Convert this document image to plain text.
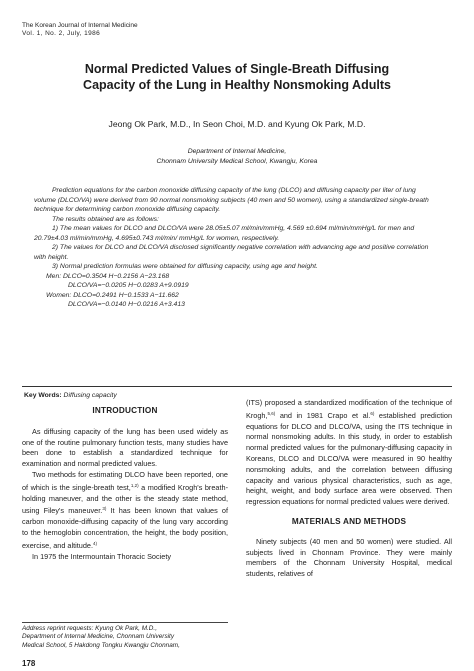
The Korean Journal of Internal Medicine
Vol. 1, No. 2, July, 1986
Normal Predicted Values of Single-Breath Diffusing
Capacity of the Lung in Healthy Nonsmoking Adults
Jeong Ok Park, M.D., In Seon Choi, M.D. and Kyung Ok Park, M.D.
Department of Internal Medicine,
Chonnam University Medical School, Kwangju, Korea

Prediction equations for the carbon monoxide diffusing capacity of the lung (DLCO) and diffusing capacity per liter of lung volume (DLCO/VA) were derived from 90 normal nonsmoking subjects (40 men and 50 women), using a standardized single-breath technique for determining carbon monoxide diffusing capacity.

The results obtained are as follows:

1) The mean values for DLCO and DLCO/VA were 28.05±5.07 ml/min/mmHg, 4.569 ±0.694 ml/min/mmHg/L for men and 20.79±4.03 ml/min/mmHg, 4.695±0.743 ml/min/ mmHg/L for women, respectively.

2) The values for DLCO and DLCO/VA disclosed significantly negative correlation with advancing age and positive correlation with height.

3) Normal prediction formulas were obtained for diffusing capacity, using age and height.

Men: DLCO=0.3504 H−0.2156 A−23.168

DLCO/VA=−0.0205 H−0.0283 A+9.0919

Women: DLCO=0.2491 H−0.1533 A−11.662

DLCO/VA=−0.0140 H−0.0216 A+3.413

Key Words: Diffusing capacity
INTRODUCTION

As diffusing capacity of the lung has been used widely as one of the routine pulmonary function tests, many studies have been done to establish a standardized technique for examination and normal predicted values.

Two methods for estimating DLCO have been reported, one of which is the single-breath test,$^{1,2)}$ a modified Krogh's breath-holding maneuver, and the other is the steady state method, using Filey's maneuver.$^{3)}$ It has been known that values of carbon monoxide-diffusing capacity of the lung vary according to the hemoglobin concentration, the height, the body position, exercise, and altitude.$^{4)}$

In 1975 the Intermountain Thoracic Society

Address reprint requests: Kyung Ok Park, M.D.,
Department of Internal Medicine, Chonnam University
Medical School, 5 Hakdong Tongku Kwangju Chonnam,

(ITS) proposed a standardized modification of the technique of Krogh,$^{5,6)}$ and in 1981 Crapo et al.$^{6)}$ established prediction equations for DLCO and DLCO/VA, using the ITS technique in normal nonsmoking adults. In this study, in order to establish normal predicted values for the pulmonary-diffusing capacity in Koreans, DLCO and DLCO/VA were measured in 90 healthy nonsmoking adults, and the correlation between diffusing capacity and various physical characteristics, such as age, height, weight, and body surface area were observed. Then regression equations for normal predicted values were derived.

MATERIALS AND METHODS

Ninety subjects (40 men and 50 women) were studied. All subjects lived in Chonnam Province. They were mainly members of the Chonnam University Hospital, medical students, relatives of

178
